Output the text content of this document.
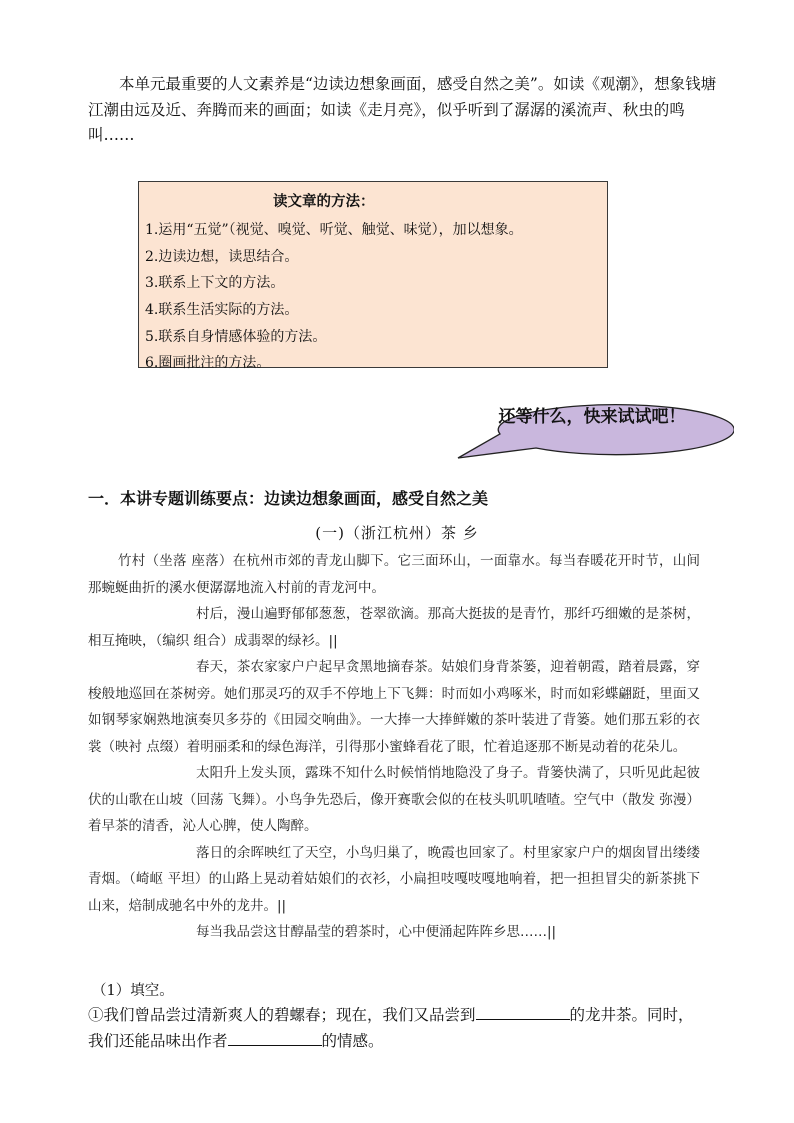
本单元最重要的人文素养是“边读边想象画面，感受自然之美”。如读《观潮》，想象钱塘江潮由远及近、奔腾而来的画面；如读《走月亮》，似乎听到了潺潺的溪流声、秋虫的鸣叫……

读文章的方法：
1.运用“五觉”（视觉、嗅觉、听觉、触觉、味觉），加以想象。
2.边读边想，读思结合。
3.联系上下文的方法。
4.联系生活实际的方法。
5.联系自身情感体验的方法。
6.圈画批注的方法。
还等什么，快来试试吧！
一．本讲专题训练要点：边读边想象画面，感受自然之美
(一)（浙江杭州）茶 乡

竹村（坐落 座落）在杭州市郊的青龙山脚下。它三面环山，一面靠水。每当春暖花开时节，山间那蜿蜒曲折的溪水便潺潺地流入村前的青龙河中。

村后，漫山遍野郁郁葱葱，苍翠欲滴。那高大挺拔的是青竹，那纤巧细嫩的是茶树，相互掩映，（编织 组合）成翡翠的绿衫。||

春天，茶农家家户户起早贪黑地摘春茶。姑娘们身背茶篓，迎着朝霞，踏着晨露，穿梭般地巡回在茶树旁。她们那灵巧的双手不停地上下飞舞：时而如小鸡啄米，时而如彩蝶翩跹，里面又如钢琴家娴熟地演奏贝多芬的《田园交响曲》。一大捧一大捧鲜嫩的茶叶装进了背篓。她们那五彩的衣裳（映衬 点缀）着明丽柔和的绿色海洋，引得那小蜜蜂看花了眼，忙着追逐那不断晃动着的花朵儿。

太阳升上发头顶，露珠不知什么时候悄悄地隐没了身子。背篓快满了，只听见此起彼伏的山歌在山坡（回荡 飞舞）。小鸟争先恐后，像开赛歌会似的在枝头叽叽喳喳。空气中（散发 弥漫）着早茶的清香，沁人心脾，使人陶醉。

落日的余晖映红了天空，小鸟归巢了，晚霞也回家了。村里家家户户的烟囱冒出缕缕青烟。（崎岖 平坦）的山路上晃动着姑娘们的衣衫，小扁担吱嘎吱嘎地响着，把一担担冒尖的新茶挑下山来，焙制成驰名中外的龙井。||

每当我品尝这甘醇晶莹的碧茶时，心中便涌起阵阵乡思……||

（1）填空。
①我们曾品尝过清新爽人的碧螺春；现在，我们又品尝到	的龙井茶。同时，
我们还能品味出作者	的情感。
